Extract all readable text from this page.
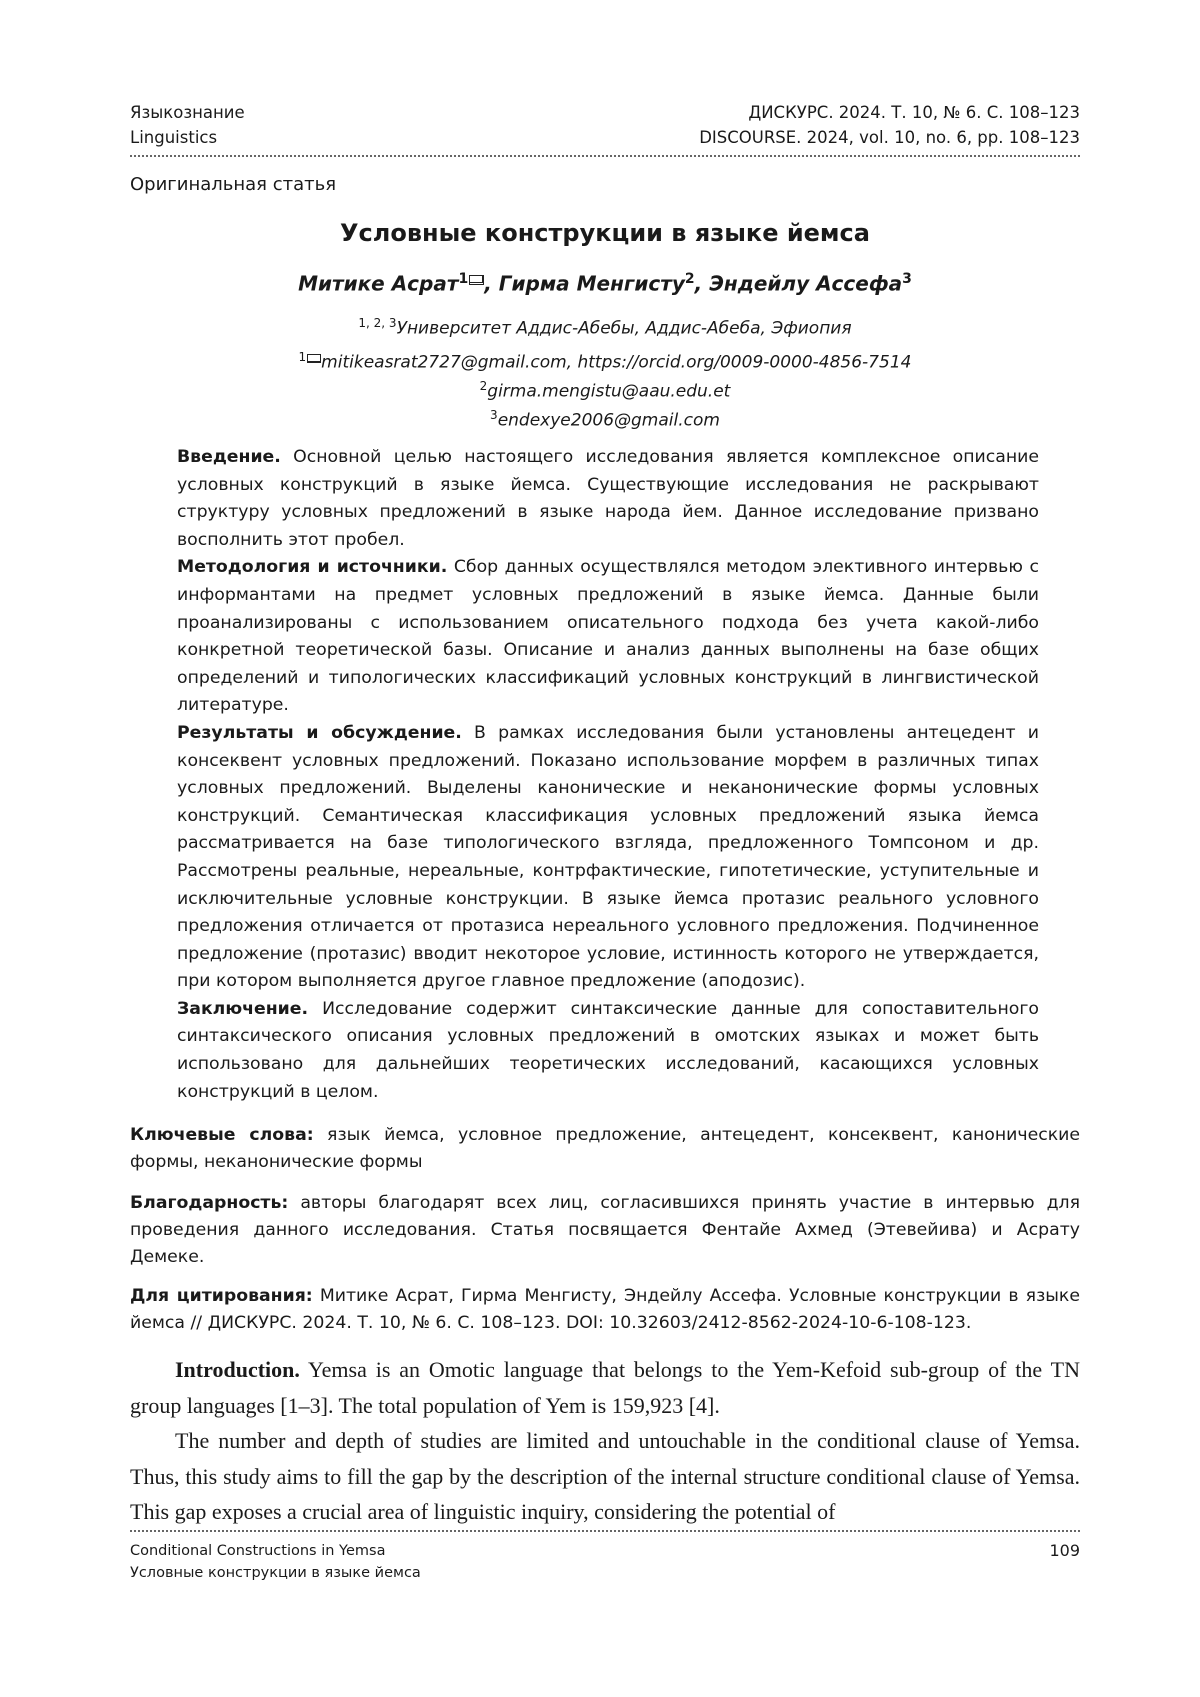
Языкознание	ДИСКУРС. 2024. Т. 10, № 6. С. 108–123
Linguistics	DISCOURSE. 2024, vol. 10, no. 6, pp. 108–123
Оригинальная статья
Условные конструкции в языке йемса
Митике Асрат$^1$ , Гирма Менгисту$^2$, Эндейлу Ассефа$^3$
$^{1, 2, 3}$Университет Аддис-Абебы, Аддис-Абеба, Эфиопия
$^1$ mitikeasrat2727@gmail.com, https://orcid.org/0009-0000-4856-7514
$^2$girma.mengistu@aau.edu.et
$^3$endexye2006@gmail.com

Введение. Основной целью настоящего исследования является комплексное описание условных конструкций в языке йемса. Существующие исследования не раскрывают структуру условных предложений в языке народа йем. Данное исследование призвано восполнить этот пробел.

Методология и источники. Сбор данных осуществлялся методом элективного интервью с информантами на предмет условных предложений в языке йемса. Данные были проанализированы с использованием описательного подхода без учета какой-либо конкретной теоретической базы. Описание и анализ данных выполнены на базе общих определений и типологических классификаций условных конструкций в лингвистической литературе.

Результаты и обсуждение. В рамках исследования были установлены антецедент и консеквент условных предложений. Показано использование морфем в различных типах условных предложений. Выделены канонические и неканонические формы условных конструкций. Семантическая классификация условных предложений языка йемса рассматривается на базе типологического взгляда, предложенного Томпсоном и др. Рассмотрены реальные, нереальные, контрфактические, гипотетические, уступительные и исключительные условные конструкции. В языке йемса протазис реального условного предложения отличается от протазиса нереального условного предложения. Подчиненное предложение (протазис) вводит некоторое условие, истинность которого не утверждается, при котором выполняется другое главное предложение (аподозис).

Заключение. Исследование содержит синтаксические данные для сопоставительного синтаксического описания условных предложений в омотских языках и может быть использовано для дальнейших теоретических исследований, касающихся условных конструкций в целом.

Ключевые слова: язык йемса, условное предложение, антецедент, консеквент, канонические формы, неканонические формы
Благодарность: авторы благодарят всех лиц, согласившихся принять участие в интервью для проведения данного исследования. Статья посвящается Фентайе Ахмед (Этевейива) и Асрату Демеке.
Для цитирования: Митике Асрат, Гирма Менгисту, Эндейлу Ассефа. Условные конструкции в языке йемса // ДИСКУРС. 2024. Т. 10, № 6. С. 108–123. DOI: 10.32603/2412-8562-2024-10-6-108-123.

Introduction. Yemsa is an Omotic language that belongs to the Yem-Kefoid sub-group of the TN group languages [1–3]. The total population of Yem is 159,923 [4].

The number and depth of studies are limited and untouchable in the conditional clause of Yemsa. Thus, this study aims to fill the gap by the description of the internal structure conditional clause of Yemsa. This gap exposes a crucial area of linguistic inquiry, considering the potential of

Conditional Constructions in Yemsa
Условные конструкции в языке йемса
109
